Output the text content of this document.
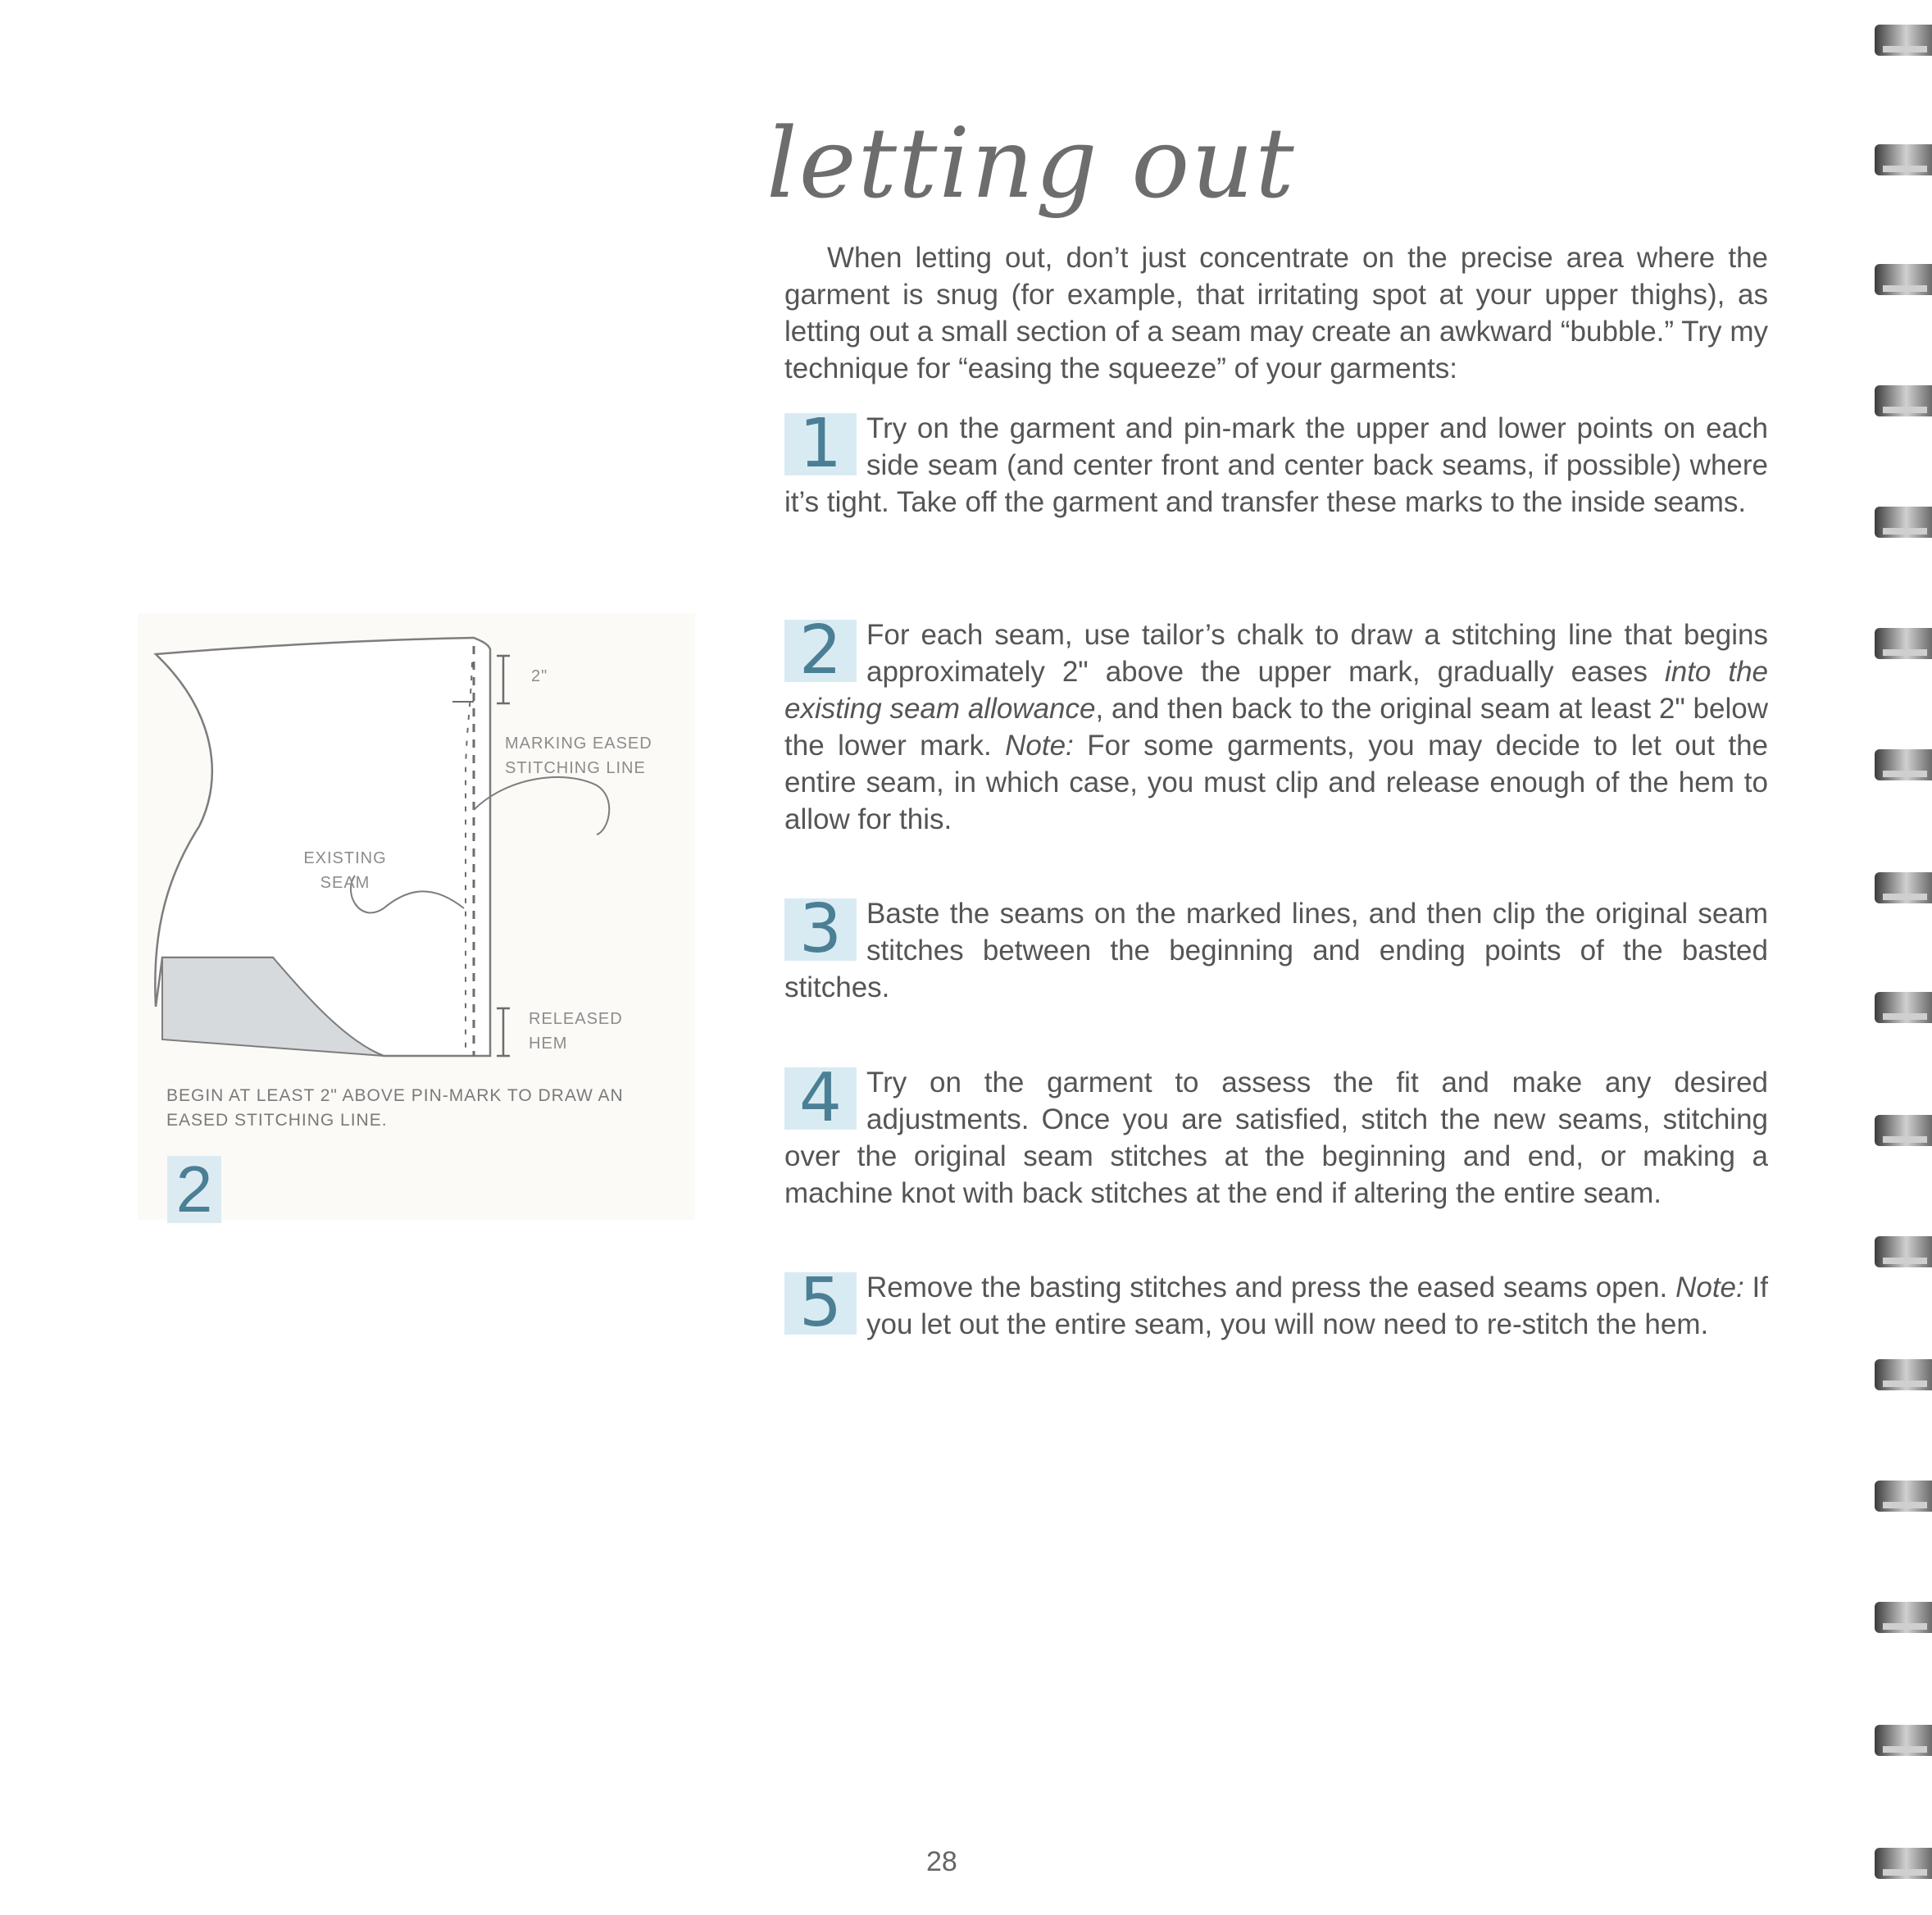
letting out

When letting out, don’t just concentrate on the precise area where the garment is snug (for example, that irritating spot at your upper thighs), as letting out a small section of a seam may create an awkward “bubble.” Try my technique for “easing the squeeze” of your garments:

1 Try on the garment and pin-mark the upper and lower points on each side seam (and center front and center back seams, if possible) where it’s tight. Take off the garment and transfer these marks to the inside seams.

2 For each seam, use tailor’s chalk to draw a stitching line that begins approximately 2" above the upper mark, gradually eases into the existing seam allowance, and then back to the original seam at least 2" below the lower mark. Note: For some garments, you may decide to let out the entire seam, in which case, you must clip and release enough of the hem to allow for this.

3 Baste the seams on the marked lines, and then clip the original seam stitches between the beginning and ending points of the basted stitches.

4 Try on the garment to assess the fit and make any desired adjustments. Once you are satisfied, stitch the new seams, stitching over the original seam stitches at the beginning and end, or making a machine knot with back stitches at the end if altering the entire seam.

5 Remove the basting stitches and press the eased seams open. Note: If you let out the entire seam, you will now need to re-stitch the hem.

2"
MARKING EASED STITCHING LINE
EXISTING SEAM
RELEASED HEM
BEGIN AT LEAST 2" ABOVE PIN-MARK TO DRAW AN EASED STITCHING LINE.
2
28
